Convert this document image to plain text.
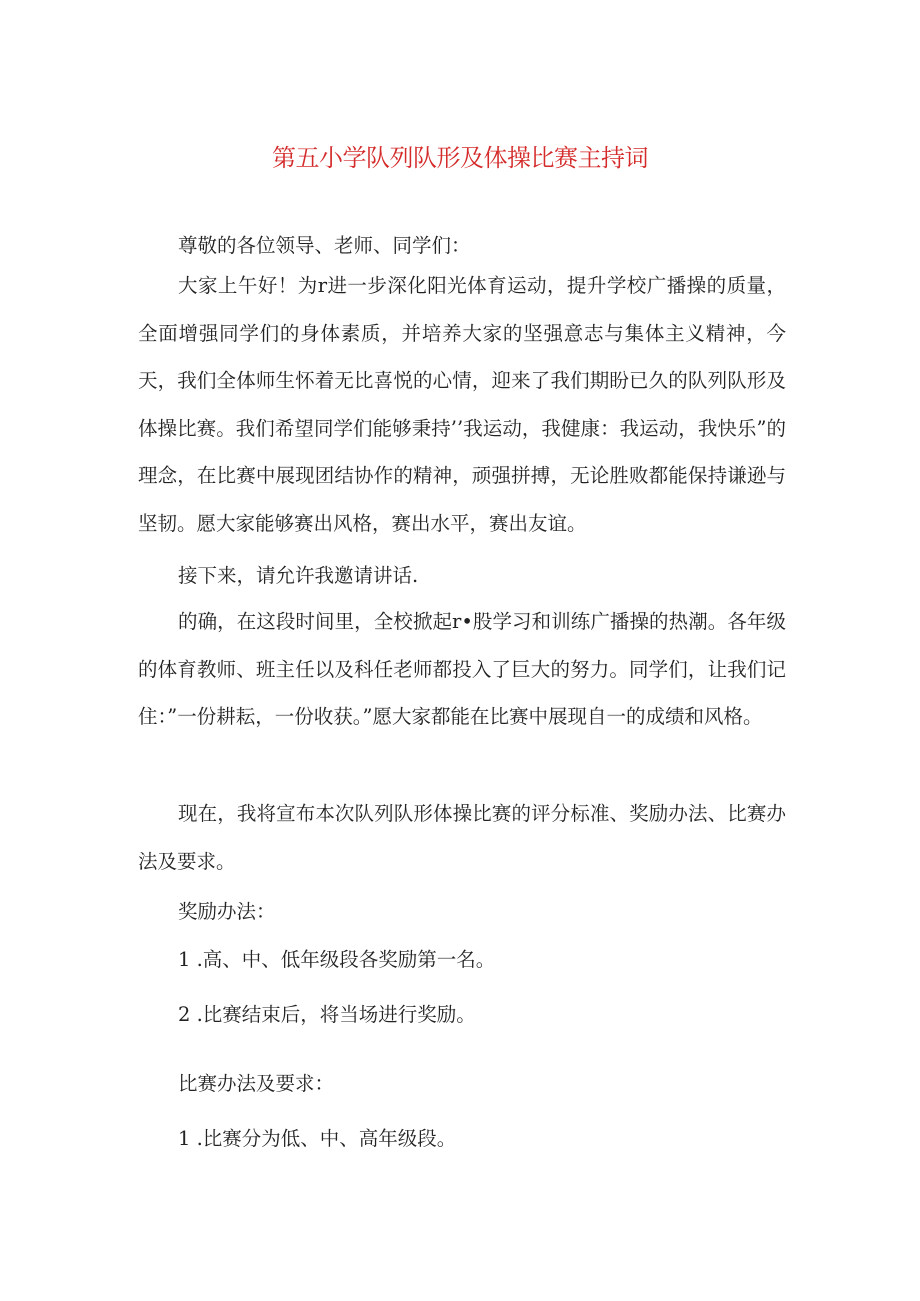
第五小学队列队形及体操比赛主持词

尊敬的各位领导、老师、同学们：

大家上午好！为r进一步深化阳光体育运动，提升学校广播操的质量，全面增强同学们的身体素质，并培养大家的坚强意志与集体主义精神，今天，我们全体师生怀着无比喜悦的心情，迎来了我们期盼已久的队列队形及体操比赛。我们希望同学们能够秉持’’我运动，我健康：我运动，我快乐”的理念，在比赛中展现团结协作的精神，顽强拼搏，无论胜败都能保持谦逊与坚韧。愿大家能够赛出风格，赛出水平，赛出友谊。

接下来，请允许我邀请讲话.

的确，在这段时间里，全校掀起r•股学习和训练广播操的热潮。各年级的体育教师、班主任以及科任老师都投入了巨大的努力。同学们，让我们记住：”一份耕耘，一份收获。”愿大家都能在比赛中展现自一的成绩和风格。

现在，我将宣布本次队列队形体操比赛的评分标准、奖励办法、比赛办法及要求。

奖励办法：

1 .高、中、低年级段各奖励第一名。

2 .比赛结束后，将当场进行奖励。

比赛办法及要求：

1 .比赛分为低、中、高年级段。
